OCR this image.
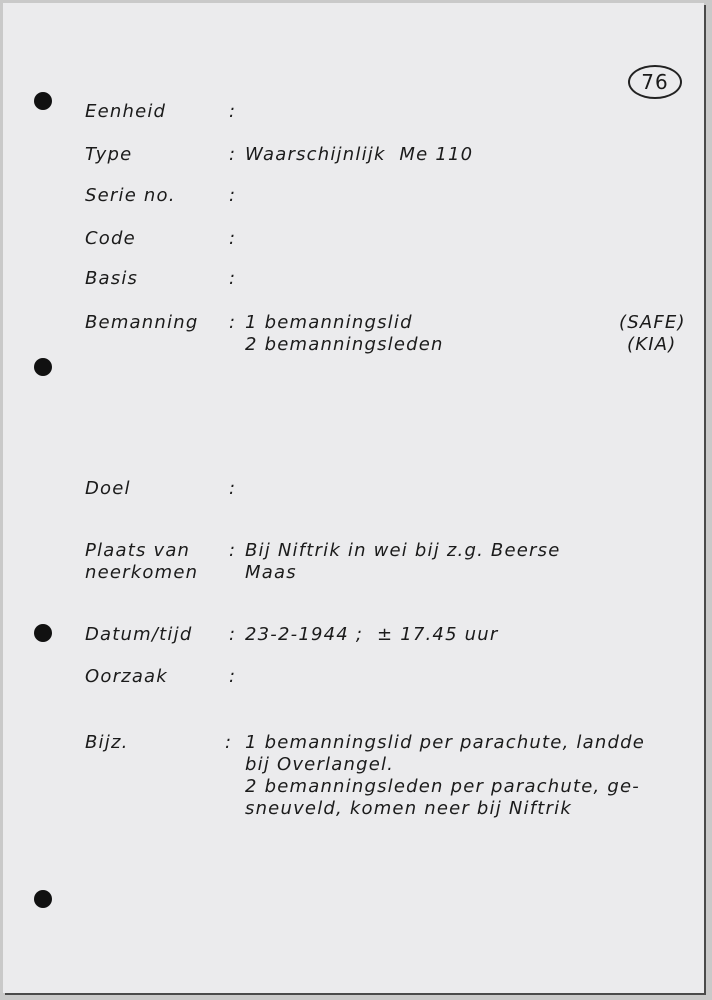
76
Eenheid	:
Type	: Waarschijnlijk  Me 110
Serie no.	:
Code	:
Basis	:
Bemanning : 1 bemanningslid	(SAFE)
2 bemanningsleden	(KIA)
Doel	:
Plaats van
neerkomen
: Bij Niftrik in wei bij z.g. Beerse
Maas
Datum/tijd : 23-2-1944 ;  ± 17.45 uur
Oorzaak	:
Bijz.	: 1 bemanningslid per parachute, landde
bij Overlangel.
2 bemanningsleden per parachute, ge-
sneuveld, komen neer bij Niftrik
